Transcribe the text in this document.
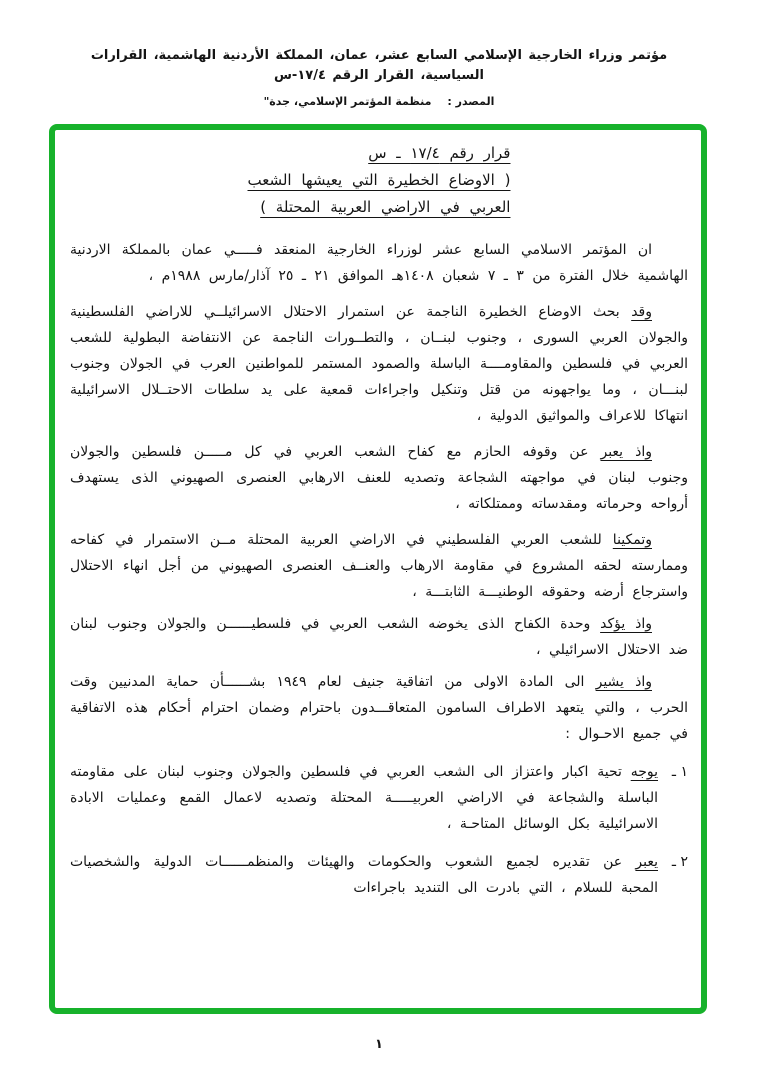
مؤتمر وزراء الخارجية الإسلامي السابع عشر، عمان، المملكة الأردنية الهاشمية، القرارات السياسية، القرار الرقم ١٧/٤-س
المصدر :منظمة المؤتمر الإسلامي، جدة"
قرار رقم ١٧/٤ ـ س
( الاوضاع الخطيرة التي يعيشها الشعب
العربي في الاراضي العربية المحتلة )

ان المؤتمر الاسلامي السابع عشر لوزراء الخارجية المنعقد فـــــي عمان بالمملكة الاردنية الهاشمية خلال الفترة من ٣ ـ ٧ شعبان ١٤٠٨هـ الموافق ٢١ ـ ٢٥ آذار/مارس ١٩٨٨م ،

وقد بحث الاوضاع الخطيرة الناجمة عن استمرار الاحتلال الاسرائيلــي للاراضي الفلسطينية والجولان العربي السورى ، وجنوب لبنــان ، والتطــورات الناجمة عن الانتفاضة البطولية للشعب العربي في فلسطين والمقاومــــة الباسلة والصمود المستمر للمواطنين العرب في الجولان وجنوب لبنـــان ، وما يواجهونه من قتل وتنكيل واجراءات قمعية على يد سلطات الاحتــلال الاسرائيلية انتهاكا للاعراف والمواثيق الدولية ،

واذ يعبر عن وقوفه الحازم مع كفاح الشعب العربي في كل مـــــن فلسطين والجولان وجنوب لبنان في مواجهته الشجاعة وتصديه للعنف الارهابي العنصرى الصهيوني الذى يستهدف أرواحه وحرماته ومقدساته وممتلكاته ،

وتمكينا للشعب العربي الفلسطيني في الاراضي العربية المحتلة مــن الاستمرار في كفاحه وممارسته لحقه المشروع في مقاومة الارهاب والعنــف العنصرى الصهيوني من أجل انهاء الاحتلال واسترجاع أرضه وحقوقه الوطنيـــة الثابتـــة ،

واذ يؤكد وحدة الكفاح الذى يخوضه الشعب العربي في فلسطيــــــن والجولان وجنوب لبنان ضد الاحتلال الاسرائيلي ،

واذ يشير الى المادة الاولى من اتفاقية جنيف لعام ١٩٤٩ بشــــــأن حماية المدنيين وقت الحرب ، والتي يتعهد الاطراف السامون المتعاقـــدون باحترام وضمان احترام أحكام هذه الاتفاقية في جميع الاحـوال :

١ ـ
يوجه تحية اكبار واعتزاز الى الشعب العربي في فلسطين والجولان وجنوب لبنان على مقاومته الباسلة والشجاعة في الاراضي العربيـــــة المحتلة وتصديه لاعمال القمع وعمليات الابادة الاسرائيلية بكل الوسائل المتاحـة ،
٢ ـ
يعبر عن تقديره لجميع الشعوب والحكومات والهيئات والمنظمــــــات الدولية والشخصيات المحبة للسلام ، التي بادرت الى التنديد باجراءات
١
